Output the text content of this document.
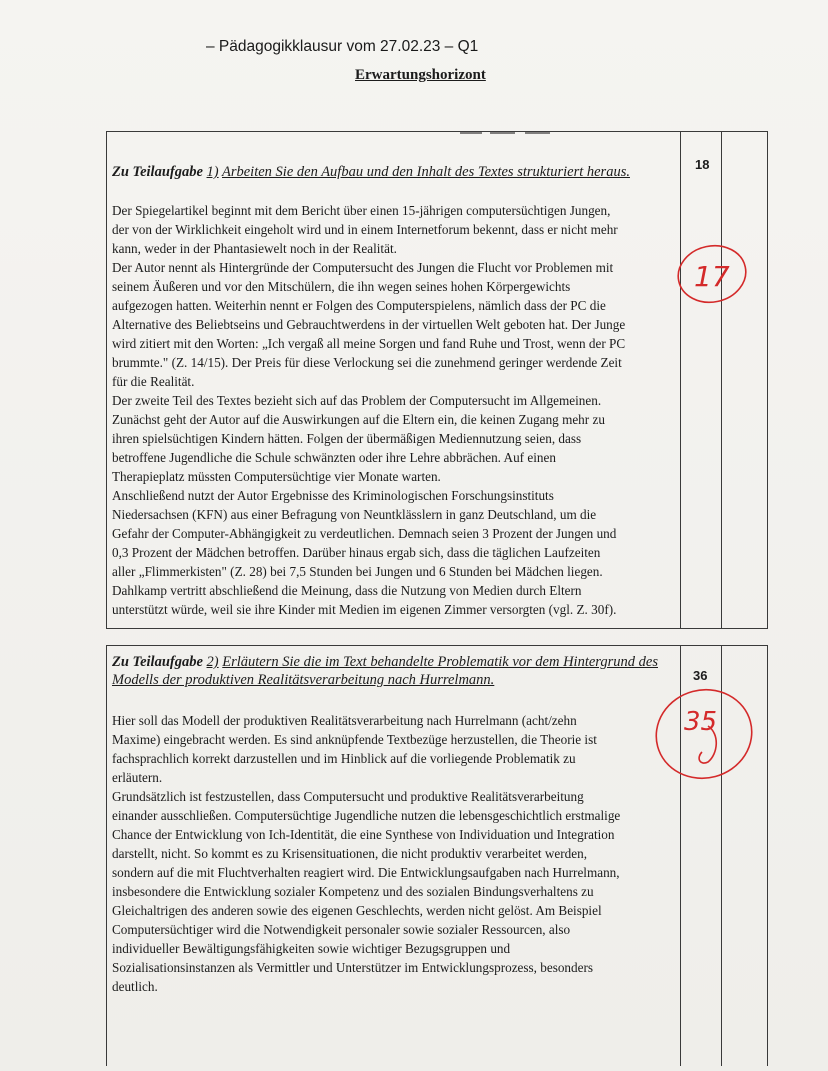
– Pädagogikklausur vom 27.02.23 – Q1
Erwartungshorizont
Zu Teilaufgabe 1) Arbeiten Sie den Aufbau und den Inhalt des Textes strukturiert heraus.	18
Der Spiegelartikel beginnt mit dem Bericht über einen 15-jährigen computersüchtigen Jungen,
der von der Wirklichkeit eingeholt wird und in einem Internetforum bekennt, dass er nicht mehr
kann, weder in der Phantasiewelt noch in der Realität.
Der Autor nennt als Hintergründe der Computersucht des Jungen die Flucht vor Problemen mit
seinem Äußeren und vor den Mitschülern, die ihn wegen seines hohen Körpergewichts
aufgezogen hatten. Weiterhin nennt er Folgen des Computerspielens, nämlich dass der PC die
Alternative des Beliebtseins und Gebrauchtwerdens in der virtuellen Welt geboten hat. Der Junge
wird zitiert mit den Worten: „Ich vergaß all meine Sorgen und fand Ruhe und Trost, wenn der PC
brummte." (Z. 14/15). Der Preis für diese Verlockung sei die zunehmend geringer werdende Zeit
für die Realität.
Der zweite Teil des Textes bezieht sich auf das Problem der Computersucht im Allgemeinen.
Zunächst geht der Autor auf die Auswirkungen auf die Eltern ein, die keinen Zugang mehr zu
ihren spielsüchtigen Kindern hätten. Folgen der übermäßigen Mediennutzung seien, dass
betroffene Jugendliche die Schule schwänzten oder ihre Lehre abbrächen. Auf einen
Therapieplatz müssten Computersüchtige vier Monate warten.
Anschließend nutzt der Autor Ergebnisse des Kriminologischen Forschungsinstituts
Niedersachsen (KFN) aus einer Befragung von Neuntklässlern in ganz Deutschland, um die
Gefahr der Computer-Abhängigkeit zu verdeutlichen. Demnach seien 3 Prozent der Jungen und
0,3 Prozent der Mädchen betroffen. Darüber hinaus ergab sich, dass die täglichen Laufzeiten
aller „Flimmerkisten" (Z. 28) bei 7,5 Stunden bei Jungen und 6 Stunden bei Mädchen liegen.
Dahlkamp vertritt abschließend die Meinung, dass die Nutzung von Medien durch Eltern
unterstützt würde, weil sie ihre Kinder mit Medien im eigenen Zimmer versorgten (vgl. Z. 30f).
17
Zu Teilaufgabe 2) Erläutern Sie die im Text behandelte Problematik vor dem Hintergrund des Modells der produktiven Realitätsverarbeitung nach Hurrelmann.	36
Hier soll das Modell der produktiven Realitätsverarbeitung nach Hurrelmann (acht/zehn
Maxime) eingebracht werden. Es sind anknüpfende Textbezüge herzustellen, die Theorie ist
fachsprachlich korrekt darzustellen und im Hinblick auf die vorliegende Problematik zu
erläutern.
Grundsätzlich ist festzustellen, dass Computersucht und produktive Realitätsverarbeitung
einander ausschließen. Computersüchtige Jugendliche nutzen die lebensgeschichtlich erstmalige
Chance der Entwicklung von Ich-Identität, die eine Synthese von Individuation und Integration
darstellt, nicht. So kommt es zu Krisensituationen, die nicht produktiv verarbeitet werden,
sondern auf die mit Fluchtverhalten reagiert wird. Die Entwicklungsaufgaben nach Hurrelmann,
insbesondere die Entwicklung sozialer Kompetenz und des sozialen Bindungsverhaltens zu
Gleichaltrigen des anderen sowie des eigenen Geschlechts, werden nicht gelöst. Am Beispiel
Computersüchtiger wird die Notwendigkeit personaler sowie sozialer Ressourcen, also
individueller Bewältigungsfähigkeiten sowie wichtiger Bezugsgruppen und
Sozialisationsinstanzen als Vermittler und Unterstützer im Entwicklungsprozess, besonders
deutlich.
35
